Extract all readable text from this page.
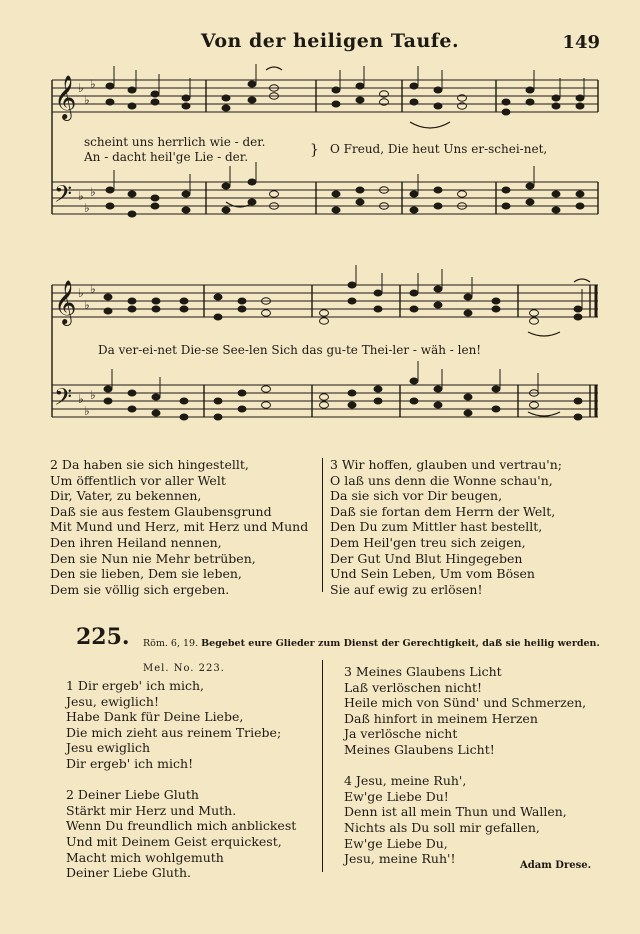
Von der heiligen Taufe.	149
𝄞
𝄢
𝄞
𝄢
♭
♭
♭
♭
♭
♭
♭
♭
♭
♭
♭
♭
scheint uns herrlich wie - der.	} O Freud, Die heut Uns er-schei-net,
An - dacht heil'ge Lie - der.
Da ver-ei-net Die-se See-len Sich das gu-te Thei-ler - wäh - len!
2 Da haben sie sich hingestellt,
Um öffentlich vor aller Welt
Dir, Vater, zu bekennen,
Daß sie aus festem Glaubensgrund
Mit Mund und Herz, mit Herz und Mund
Den ihren Heiland nennen,
Den sie Nun nie Mehr betrüben,
Den sie lieben, Dem sie leben,
Dem sie völlig sich ergeben.
3 Wir hoffen, glauben und vertrau'n;
O laß uns denn die Wonne schau'n,
Da sie sich vor Dir beugen,
Daß sie fortan dem Herrn der Welt,
Den Du zum Mittler hast bestellt,
Dem Heil'gen treu sich zeigen,
Der Gut Und Blut Hingegeben
Und Sein Leben, Um vom Bösen
Sie auf ewig zu erlösen!
225. Röm. 6, 19. Begebet eure Glieder zum Dienst der Gerechtigkeit, daß sie heilig werden.
Mel. No. 223.
1 Dir ergeb' ich mich,
Jesu, ewiglich!
Habe Dank für Deine Liebe,
Die mich zieht aus reinem Triebe;
Jesu ewiglich
Dir ergeb' ich mich!
2 Deiner Liebe Gluth
Stärkt mir Herz und Muth.
Wenn Du freundlich mich anblickest
Und mit Deinem Geist erquickest,
Macht mich wohlgemuth
Deiner Liebe Gluth.
3 Meines Glaubens Licht
Laß verlöschen nicht!
Heile mich von Sünd' und Schmerzen,
Daß hinfort in meinem Herzen
Ja verlösche nicht
Meines Glaubens Licht!
4 Jesu, meine Ruh',
Ew'ge Liebe Du!
Denn ist all mein Thun und Wallen,
Nichts als Du soll mir gefallen,
Ew'ge Liebe Du,
Jesu, meine Ruh'!	Adam Drese.
